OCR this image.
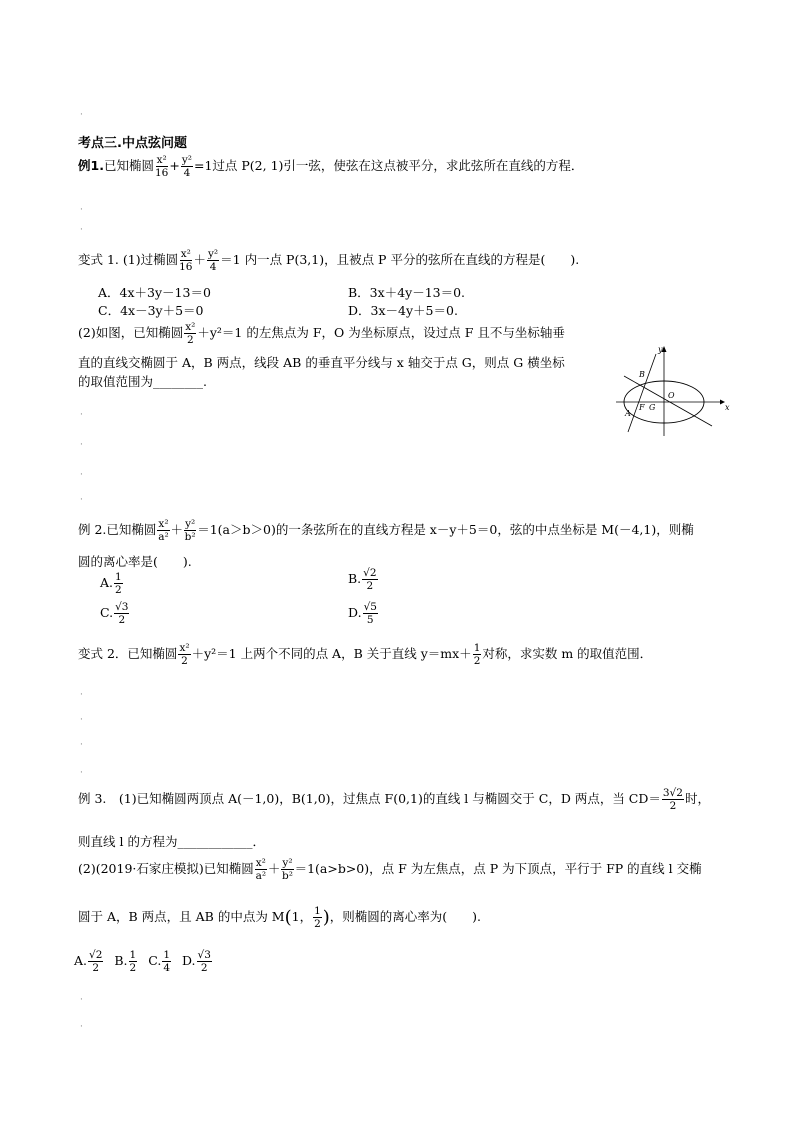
·
·
·
·
·
·
·
·
·
·
·
·
·
考点三.中点弦问题
例1.已知椭圆 $\frac{\text{x²}}{16} + \frac{\text{y²}}{4} =1$过点 P(2, 1)引一弦，使弦在这点被平分，求此弦所在直线的方程．
变式 1. (1)过椭圆 $\frac{\text{x²}}{16} + \frac{\text{y²}}{4} =1$ 内一点 P(3,1)，且被点 P 平分的弦所在直线的方程是(　　).
A．4x＋3y－13＝0	B．3x＋4y－13＝0.
C．4x－3y＋5＝0	D．3x－4y＋5＝0.
(2)如图，已知椭圆 $\frac{\text{x²}}{2} +y^2=1$ 的左焦点为 F，O 为坐标原点，设过点 F 且不与坐标轴垂
直的直线交椭圆于 A，B 两点，线段 AB 的垂直平分线与 x 轴交于点 G，则点 G 横坐标
的取值范围为________.
y
x
B
O
F G
A
例 2.已知椭圆 $\frac{\text{x²}}{\text{a²}} + \frac{\text{y²}}{\text{b²}} =1(a>b>0)$的一条弦所在的直线方程是 x－y＋5＝0，弦的中点坐标是 M(－4,1)，则椭
圆的离心率是(　　).
A. $\frac{1}{2}$	B. $\frac{√2}{2}$
C. $\frac{√3}{2}$	D. $\frac{√5}{5}$
变式 2．已知椭圆 $\frac{\text{x²}}{2} +y^2=1$ 上两个不同的点 A，B 关于直线 $y=mx+ \frac{1}{2}$ 对称，求实数 m 的取值范围．
例 3.　(1)已知椭圆两顶点 A(－1,0)，B(1,0)，过焦点 F(0,1)的直线 l 与椭圆交于 C，D 两点，当 $CD= \frac{3√2}{2}$ 时，
则直线 l 的方程为____________．
(2)(2019·石家庄模拟)已知椭圆 $\frac{\text{x²}}{\text{a²}} + \frac{\text{y²}}{\text{b²}} =1(a>b>0)$，点 F 为左焦点，点 P 为下顶点，平行于 FP 的直线 l 交椭
圆于 A，B 两点，且 AB 的中点为 M(1， $\frac{1}{2}$ )，则椭圆的离心率为(　　).
A. $\frac{√2}{2} B$. $\frac{1}{2} C$. $\frac{1}{4} D$. $\frac{√3}{2}$
